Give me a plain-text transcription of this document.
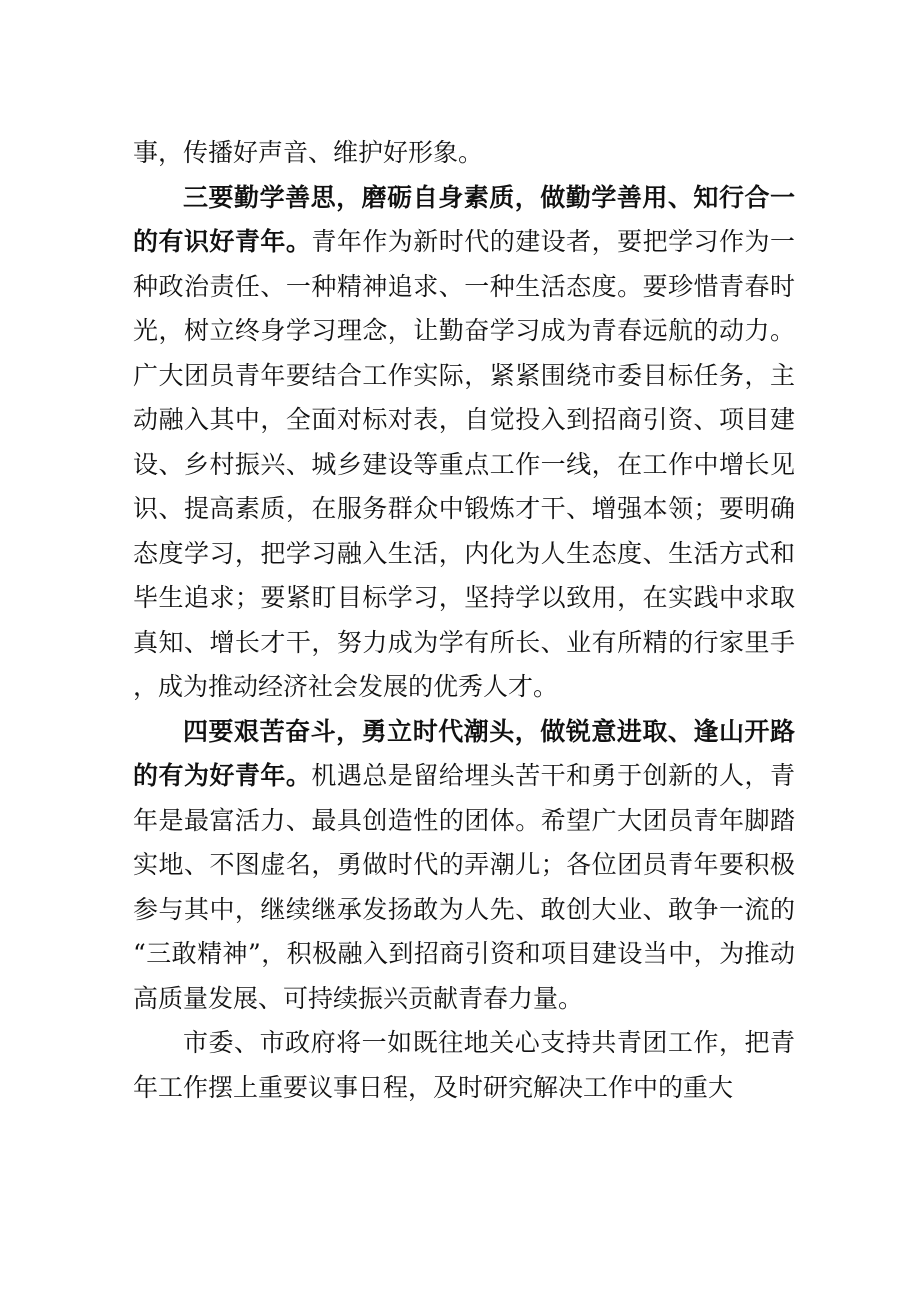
事，传播好声音、维护好形象。

三要勤学善思，磨砺自身素质，做勤学善用、知行合一的有识好青年。青年作为新时代的建设者，要把学习作为一种政治责任、一种精神追求、一种生活态度。要珍惜青春时光，树立终身学习理念，让勤奋学习成为青春远航的动力。广大团员青年要结合工作实际，紧紧围绕市委目标任务，主动融入其中，全面对标对表，自觉投入到招商引资、项目建设、乡村振兴、城乡建设等重点工作一线，在工作中增长见识、提高素质，在服务群众中锻炼才干、增强本领；要明确态度学习，把学习融入生活，内化为人生态度、生活方式和毕生追求；要紧盯目标学习，坚持学以致用，在实践中求取真知、增长才干，努力成为学有所长、业有所精的行家里手，成为推动经济社会发展的优秀人才。

四要艰苦奋斗，勇立时代潮头，做锐意进取、逢山开路的有为好青年。机遇总是留给埋头苦干和勇于创新的人，青年是最富活力、最具创造性的团体。希望广大团员青年脚踏实地、不图虚名，勇做时代的弄潮儿；各位团员青年要积极参与其中，继续继承发扬敢为人先、敢创大业、敢争一流的“三敢精神”，积极融入到招商引资和项目建设当中，为推动高质量发展、可持续振兴贡献青春力量。

市委、市政府将一如既往地关心支持共青团工作，把青年工作摆上重要议事日程，及时研究解决工作中的重大
